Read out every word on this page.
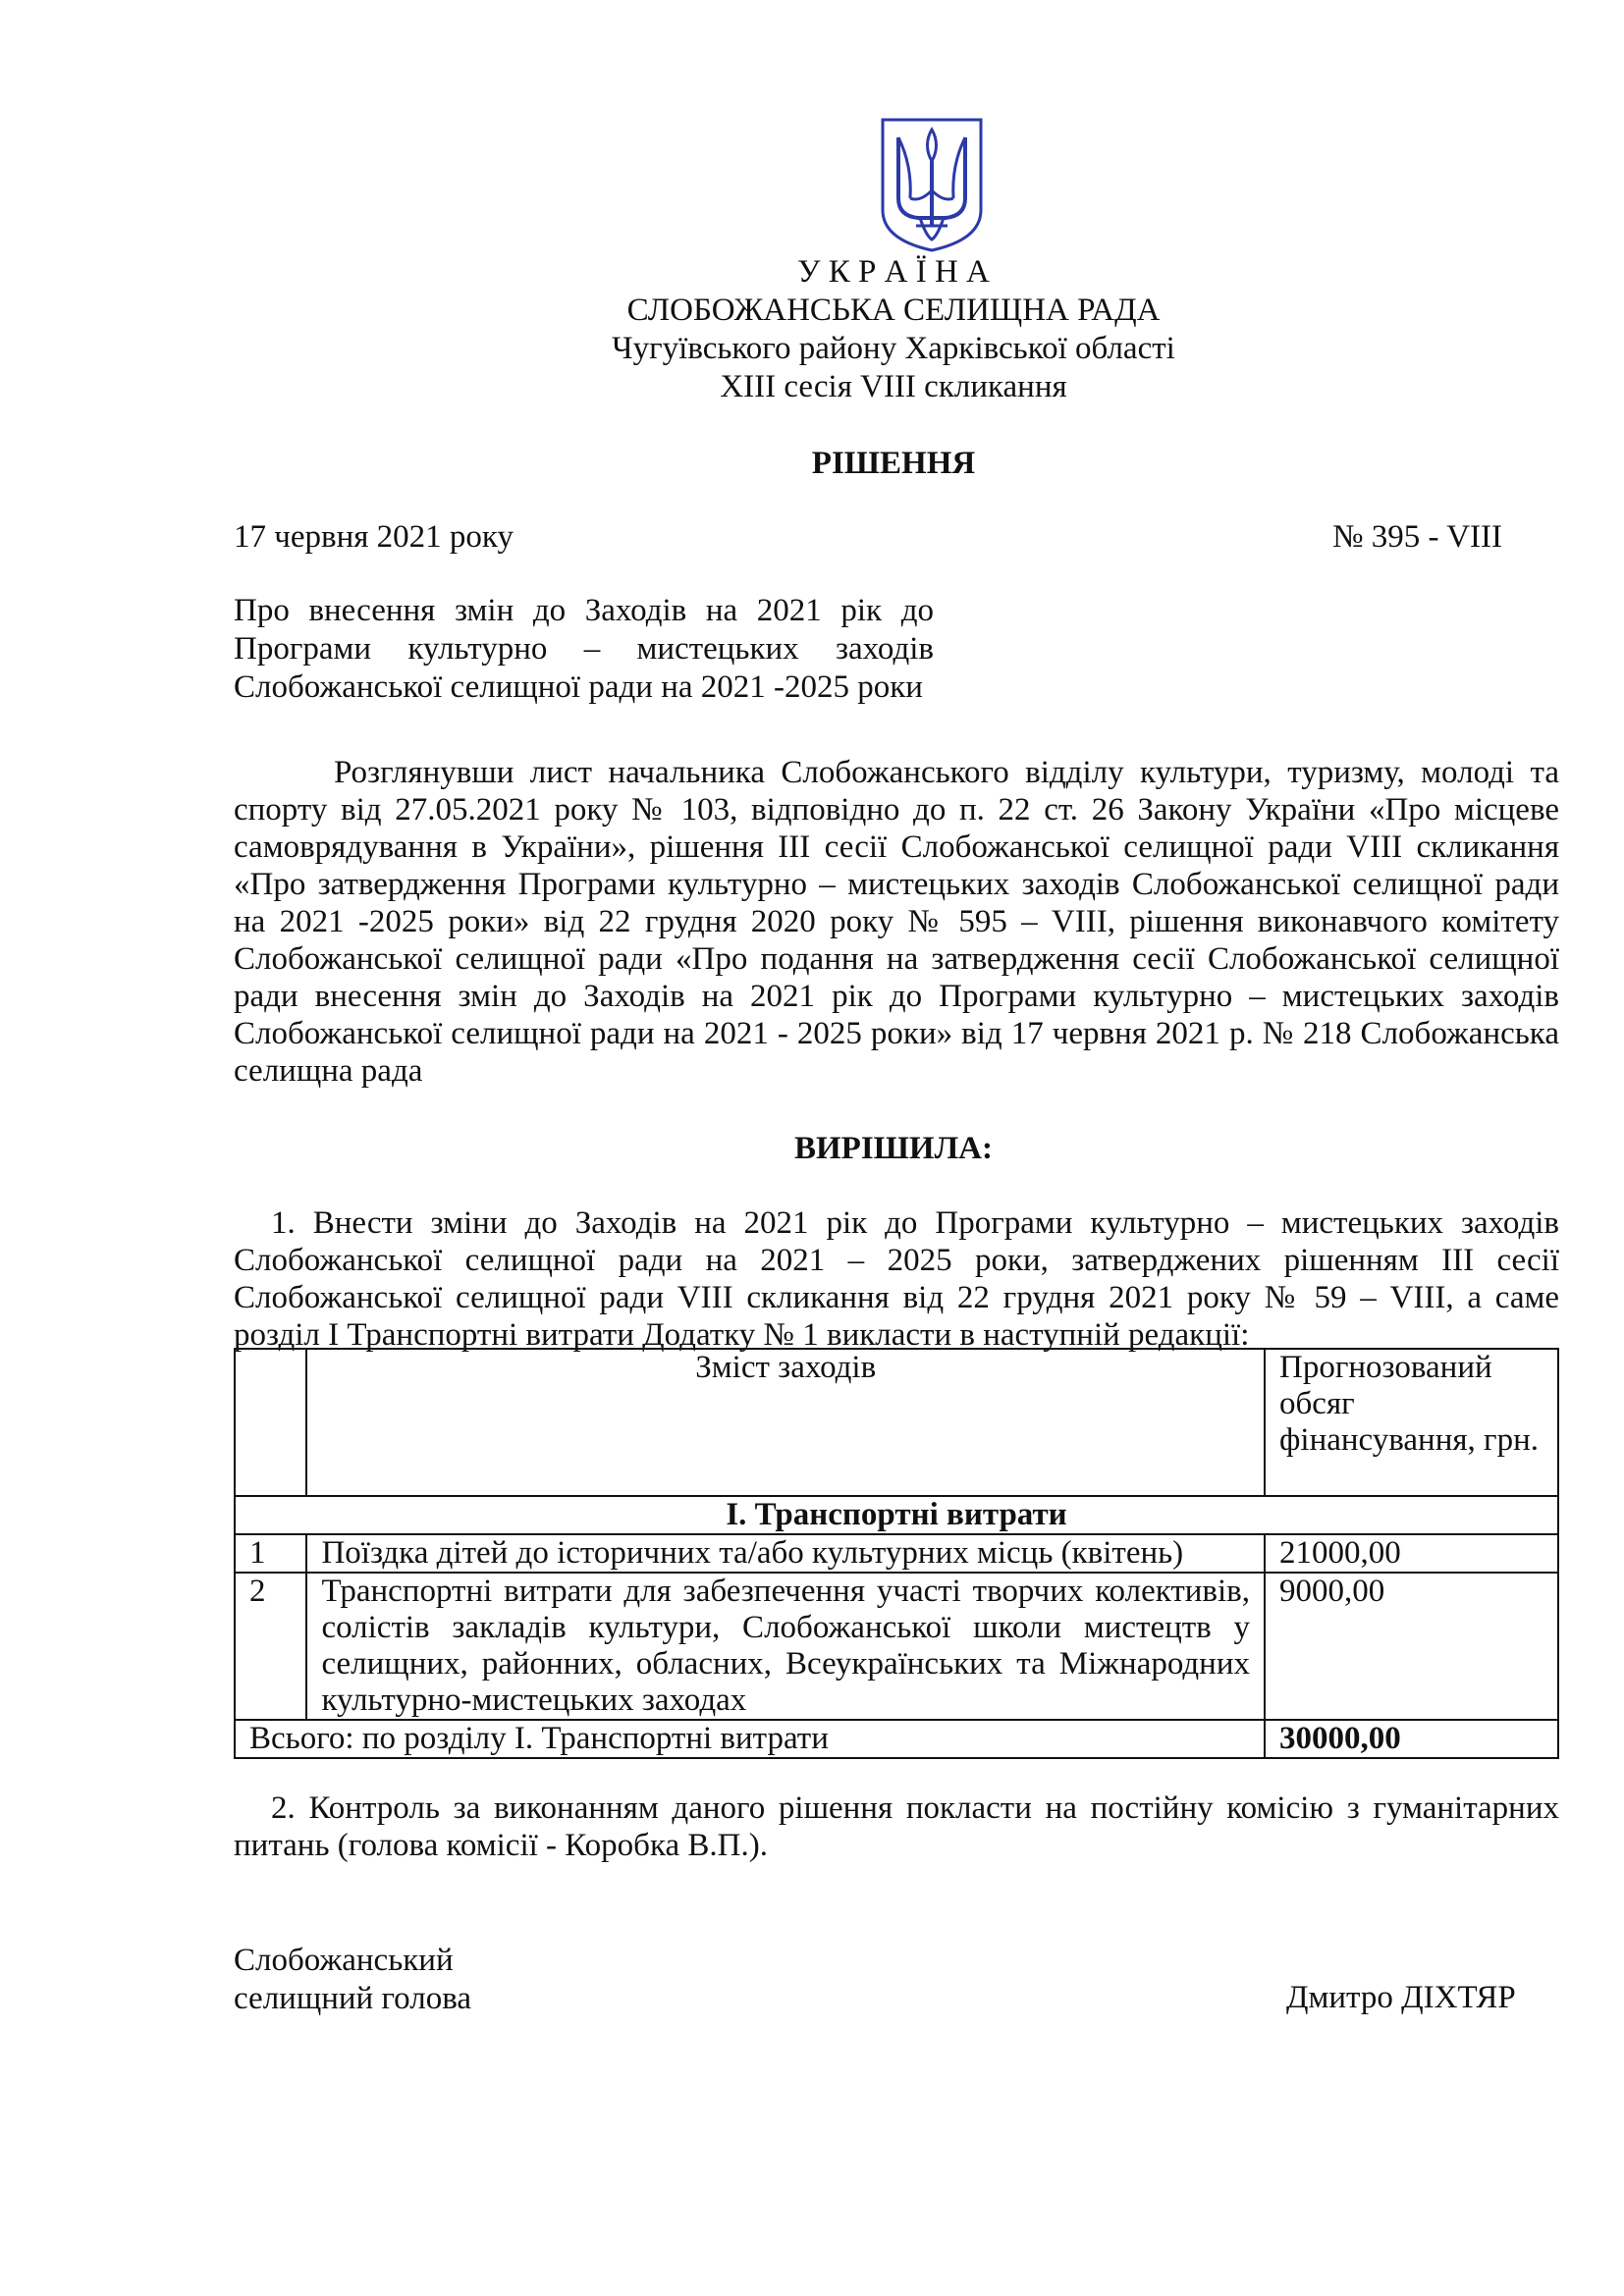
У К Р А Ї Н А
СЛОБОЖАНСЬКА СЕЛИЩНА РАДА
Чугуївського району Харківської області
XIII сесія VIII скликання
РІШЕННЯ
17 червня 2021 року	№ 395 - VIII
Про внесення змін до Заходів на 2021 рік до
Програми культурно – мистецьких заходів
Слобожанської селищної ради на 2021 -2025 роки
Розглянувши лист начальника Слобожанського відділу культури, туризму, молоді та
спорту від 27.05.2021 року № 103, відповідно до п. 22 ст. 26 Закону України «Про місцеве
самоврядування в України», рішення ІІІ сесії Слобожанської селищної ради VIII скликання
«Про затвердження Програми культурно – мистецьких заходів Слобожанської селищної ради
на 2021 -2025 роки» від 22 грудня 2020 року № 595 – VIII, рішення виконавчого комітету
Слобожанської селищної ради «Про подання на затвердження сесії Слобожанської селищної
ради внесення змін до Заходів на 2021 рік до Програми культурно – мистецьких заходів
Слобожанської селищної ради на 2021 - 2025 роки» від 17 червня 2021 р. № 218 Слобожанська
селищна рада
ВИРІШИЛА:
1. Внести зміни до Заходів на 2021 рік до Програми культурно – мистецьких заходів
Слобожанської селищної ради на 2021 – 2025 роки, затверджених рішенням ІІІ сесії
Слобожанської селищної ради VIII скликання від 22 грудня 2021 року № 59 – VIII, а саме
розділ І Транспортні витрати Додатку № 1 викласти в наступній редакції:
	Зміст заходів	Прогнозований
обсяг
фінансування, грн.

І. Транспортні витрати		
1	Поїздка дітей до історичних та/або культурних місць (квітень)	21000,00
2	Транспортні витрати для забезпечення участі творчих колективів,
солістів закладів культури, Слобожанської школи мистецтв у
селищних, районних, обласних, Всеукраїнських та Міжнародних
культурно-мистецьких заходах	9000,00
Всього: по розділу І. Транспортні витрати		30000,00
2. Контроль за виконанням даного рішення покласти на постійну комісію з гуманітарних
питань (голова комісії - Коробка В.П.).
Слобожанський
селищний голова	Дмитро ДІХТЯР
